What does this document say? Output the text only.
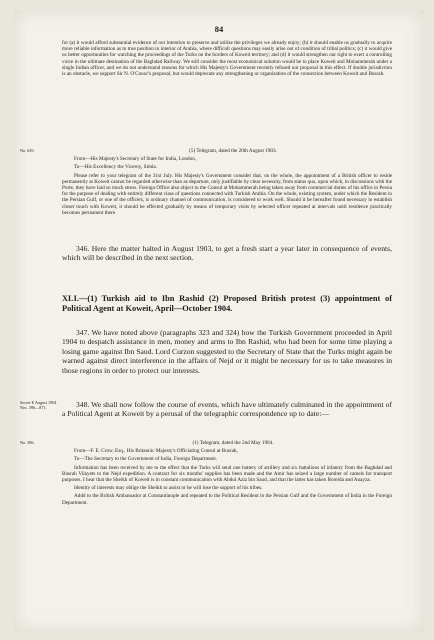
84

for (a) it would afford substantial evidence of our intention to preserve and utilize the privileges we already enjoy; (b) it should enable us gradually to acquire more reliable information as to true position in interior of Arabia, where difficult questions may easily arise out of condition of tribal politics; (c) it would give us better opportunities for watching the proceedings of the Turks on the borders of Koweit territory; and (d) it would strengthen our right to exert a controlling voice in the ultimate destination of the Baghdad Railway. We still consider the most economical solution would be to place Koweit and Mohammerah under a single Indian officer, and we do not understand reasons for which His Majesty's Government recently refused our proposal in this effect. If double jurisdiction is an obstacle, we support Sir N. O'Conor's proposal, but would deprecate any strengthening or organization of the connection between Koweit and Busrah.

No. 639.	(5) Telegram, dated the 20th August 1903.

From—His Majesty's Secretary of State for India, London,

To—His Excellency the Viceroy, Simla.

Please refer to your telegram of the 31st July. His Majesty's Government consider that, on the whole, the appointment of a British officer to reside permanently at Koweit cannot be regarded otherwise than as departure, only justifiable by clear necessity, from status quo, upon which, in discussions with the Porte, they have laid so much stress. Foreign Office also object to the Consul at Mohammerah being taken away from commercial duties of his office in Persia for the purpose of dealing with entirely different class of questions connected with Turkish Arabia. On the whole, existing system, under which the Resident in the Persian Gulf, or one of the officers, is ordinary channel of communication, is considered to work well. Should it be hereafter found necessary to establish closer touch with Koweit, it should be effected gradually by means of temporary visits by selected officer repeated at intervals until residence practically becomes permanent there.

346. Here the matter halted in August 1903, to get a fresh start a year later in consequence of events, which will be described in the next section.

XLI.—(1) Turkish aid to Ibn Rashid (2) Proposed British protest (3) appointment of Political Agent at Koweit, April—October 1904.

347. We have noted above (paragraphs 323 and 324) how the Turkish Government proceeded in April 1904 to despatch assistance in men, money and arms to Ibn Rashid, who had been for some time playing a losing game against Ibn Saud. Lord Curzon suggested to the Secretary of State that the Turks might again be warned against direct interference in the affairs of Nejd or it might be necessary for us to take measures in those regions in order to protect our interests.

Secret E August 1904 Nos. 396—871.	348. We shall now follow the course of events, which have ultimately culminated in the appointment of a Political Agent at Koweit by a perusal of the telegraphic correspondence up to date:—

No. 396.	(1) Telegram, dated the 2nd May 1904.

From—F. E. Crow, Esq., His Britannic Majesty's Officiating Consul at Busrah,

To—The Secretary to the Government of India, Foreign Department.

Information has been received by me to the effect that the Turks will send one battery of artillery and six battalions of infantry from the Baghdad and Busrah Vilayets to the Nejd expedition. A contract for six months' supplies has been made and the Amir has seized a large number of camels for transport purposes. I hear that the Sheikh of Koweit is in constant communication with Abdul Aziz bin Saud, and that the latter has taken Boreida and Anayza.

Identity of interests may oblige the Sheikh to assist or he will lose the support of his tribes.

Addd to the British Ambassador at Constantinople and repeated to the Political Resident in the Persian Gulf and the Government of India in the Foreign Department.
